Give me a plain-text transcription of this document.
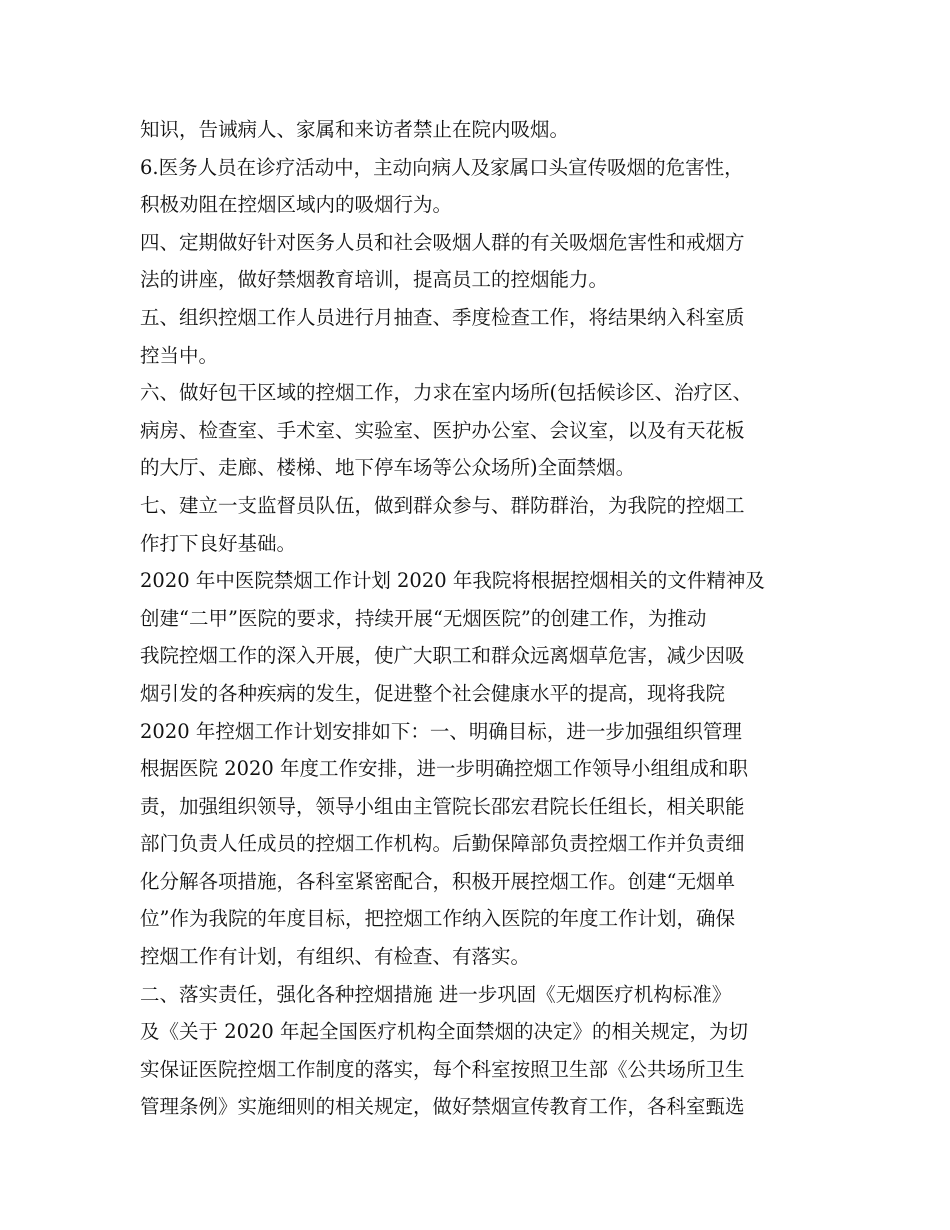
知识，告诫病人、家属和来访者禁止在院内吸烟。
6.医务人员在诊疗活动中，主动向病人及家属口头宣传吸烟的危害性，
积极劝阻在控烟区域内的吸烟行为。
四、定期做好针对医务人员和社会吸烟人群的有关吸烟危害性和戒烟方
法的讲座，做好禁烟教育培训，提高员工的控烟能力。
五、组织控烟工作人员进行月抽查、季度检查工作，将结果纳入科室质
控当中。
六、做好包干区域的控烟工作，力求在室内场所(包括候诊区、治疗区、
病房、检查室、手术室、实验室、医护办公室、会议室，以及有天花板
的大厅、走廊、楼梯、地下停车场等公众场所)全面禁烟。
七、建立一支监督员队伍，做到群众参与、群防群治，为我院的控烟工
作打下良好基础。
2020 年中医院禁烟工作计划 2020 年我院将根据控烟相关的文件精神及
创建“二甲”医院的要求，持续开展“无烟医院”的创建工作，为推动
我院控烟工作的深入开展，使广大职工和群众远离烟草危害，减少因吸
烟引发的各种疾病的发生，促进整个社会健康水平的提高，现将我院
2020 年控烟工作计划安排如下：一、明确目标，进一步加强组织管理
根据医院 2020 年度工作安排，进一步明确控烟工作领导小组组成和职
责，加强组织领导，领导小组由主管院长邵宏君院长任组长，相关职能
部门负责人任成员的控烟工作机构。后勤保障部负责控烟工作并负责细
化分解各项措施，各科室紧密配合，积极开展控烟工作。创建“无烟单
位”作为我院的年度目标，把控烟工作纳入医院的年度工作计划，确保
控烟工作有计划，有组织、有检查、有落实。
二、落实责任，强化各种控烟措施 进一步巩固《无烟医疗机构标准》
及《关于 2020 年起全国医疗机构全面禁烟的决定》的相关规定，为切
实保证医院控烟工作制度的落实，每个科室按照卫生部《公共场所卫生
管理条例》实施细则的相关规定，做好禁烟宣传教育工作，各科室甄选
